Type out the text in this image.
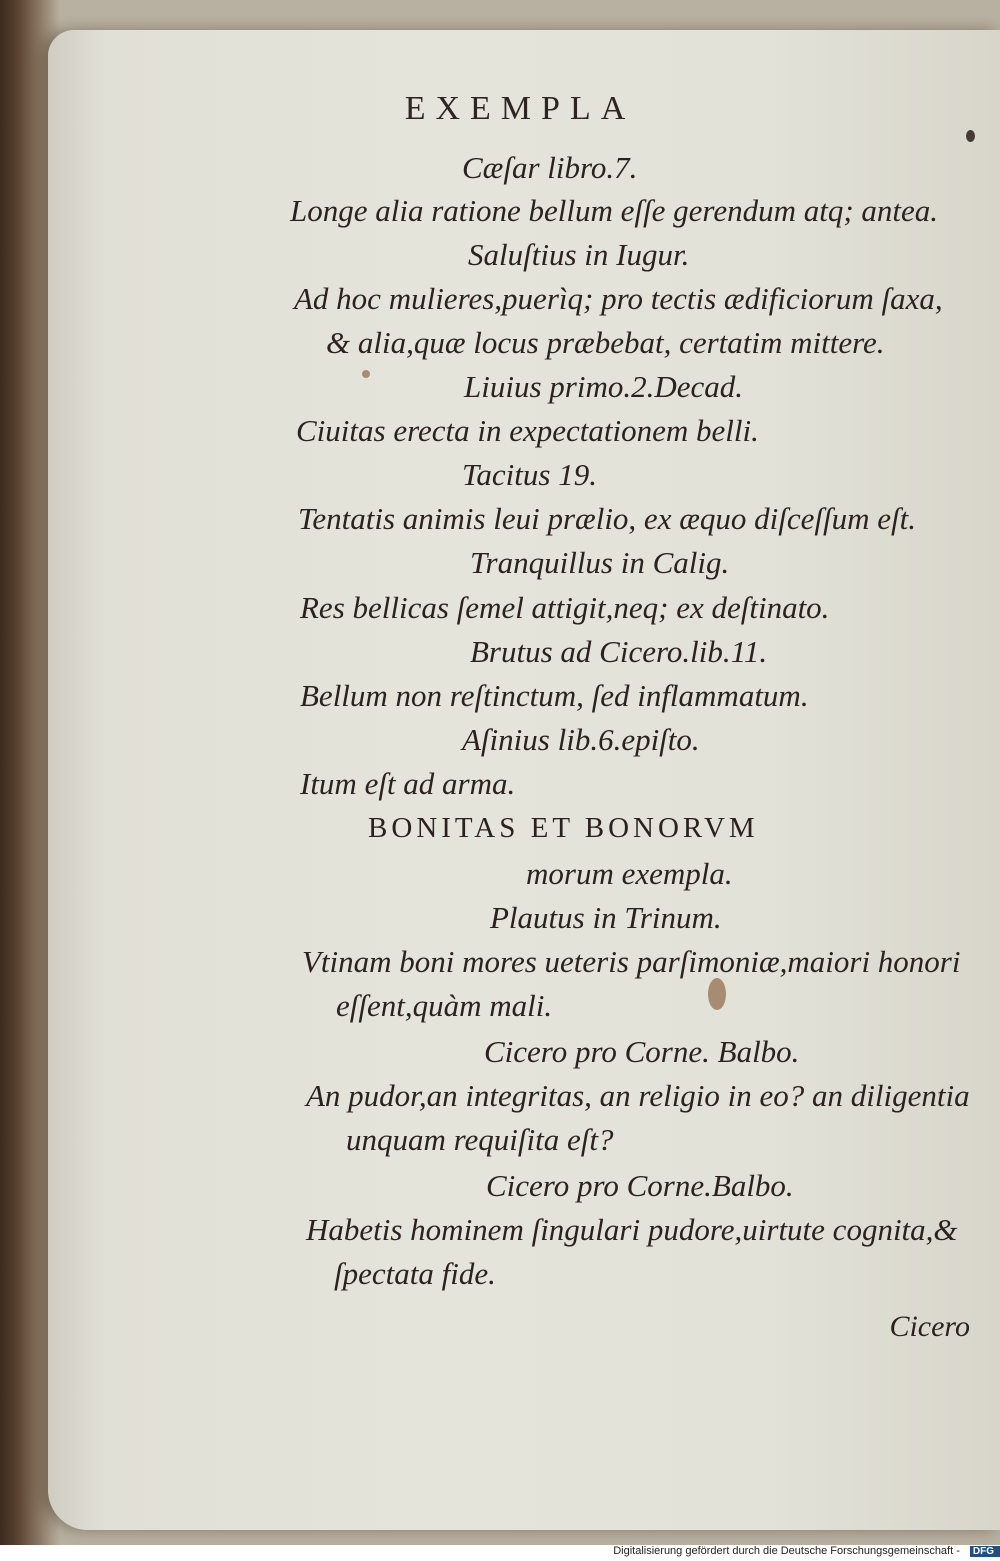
EXEMPLA
Cæſar libro.7.
Longe alia ratione bellum eſſe gerendum atq; antea.
Saluſtius in Iugur.
Ad hoc mulieres,puerìq; pro tectis ædificiorum ſaxa,
& alia,quæ locus præbebat, certatim mittere.
Liuius primo.2.Decad.
Ciuitas erecta in expectationem belli.
Tacitus 19.
Tentatis animis leui prælio, ex æquo diſceſſum eſt.
Tranquillus in Calig.
Res bellicas ſemel attigit,neq; ex deſtinato.
Brutus ad Cicero.lib.11.
Bellum non reſtinctum, ſed inflammatum.
Aſinius lib.6.epiſto.
Itum eſt ad arma.
BONITAS ET BONORVM
morum exempla.
Plautus in Trinum.
Vtinam boni mores ueteris parſimoniæ,maiori honori
eſſent,quàm mali.
Cicero pro Corne. Balbo.
An pudor,an integritas, an religio in eo? an diligentia
unquam requiſita eſt?
Cicero pro Corne.Balbo.
Habetis hominem ſingulari pudore,uirtute cognita,&
ſpectata fide.
Cicero
Digitalisierung gefördert durch die Deutsche Forschungsgemeinschaft - DFG
